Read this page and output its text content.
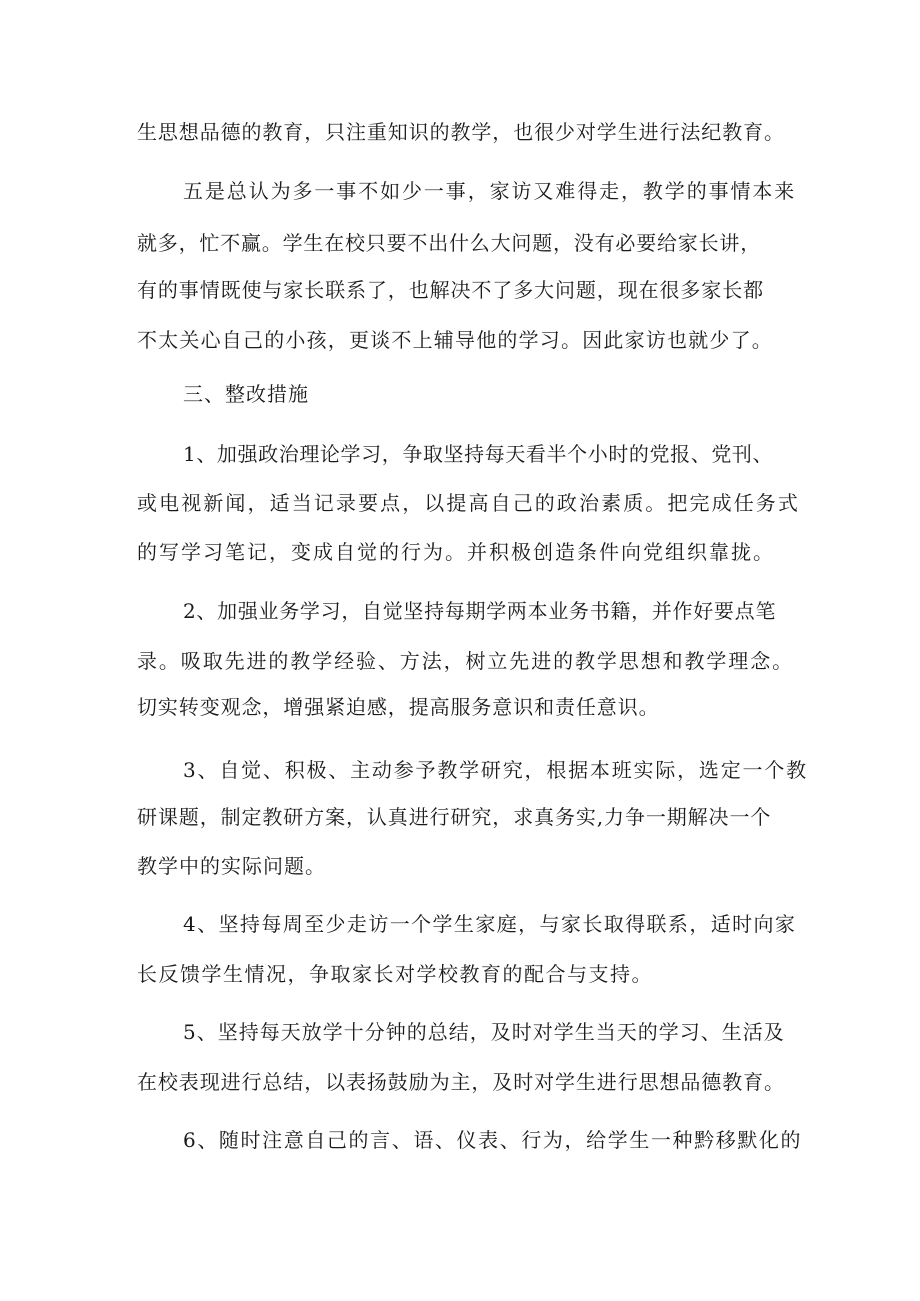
生思想品德的教育，只注重知识的教学，也很少对学生进行法纪教育。
五是总认为多一事不如少一事，家访又难得走，教学的事情本来
就多，忙不赢。学生在校只要不出什么大问题，没有必要给家长讲，
有的事情既使与家长联系了，也解决不了多大问题，现在很多家长都
不太关心自己的小孩，更谈不上辅导他的学习。因此家访也就少了。
三、整改措施
1、加强政治理论学习，争取坚持每天看半个小时的党报、党刊、
或电视新闻，适当记录要点，以提高自己的政治素质。把完成任务式
的写学习笔记，变成自觉的行为。并积极创造条件向党组织靠拢。
2、加强业务学习，自觉坚持每期学两本业务书籍，并作好要点笔
录。吸取先进的教学经验、方法，树立先进的教学思想和教学理念。
切实转变观念，增强紧迫感，提高服务意识和责任意识。
3、自觉、积极、主动参予教学研究，根据本班实际，选定一个教
研课题，制定教研方案，认真进行研究，求真务实,力争一期解决一个
教学中的实际问题。
4、坚持每周至少走访一个学生家庭，与家长取得联系，适时向家
长反馈学生情况，争取家长对学校教育的配合与支持。
5、坚持每天放学十分钟的总结，及时对学生当天的学习、生活及
在校表现进行总结，以表扬鼓励为主，及时对学生进行思想品德教育。
6、随时注意自己的言、语、仪表、行为，给学生一种黔移默化的
